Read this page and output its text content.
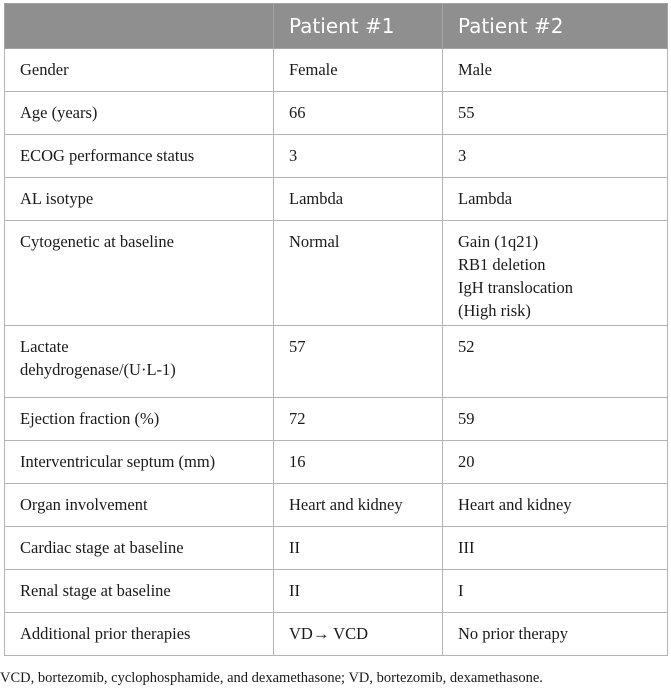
	Patient #1	Patient #2
Gender	Female	Male
Age (years)	66	55
ECOG performance status	3	3
AL isotype	Lambda	Lambda
Cytogenetic at baseline	Normal	Gain (1q21)
RB1 deletion
IgH translocation
(High risk)

Lactate
dehydrogenase/(U·L-1)	57	52
Ejection fraction (%)	72	59
Interventricular septum (mm)	16	20
Organ involvement	Heart and kidney	Heart and kidney
Cardiac stage at baseline	II	III
Renal stage at baseline	II	I
Additional prior therapies	VD→ VCD	No prior therapy
VCD, bortezomib, cyclophosphamide, and dexamethasone; VD, bortezomib, dexamethasone.
